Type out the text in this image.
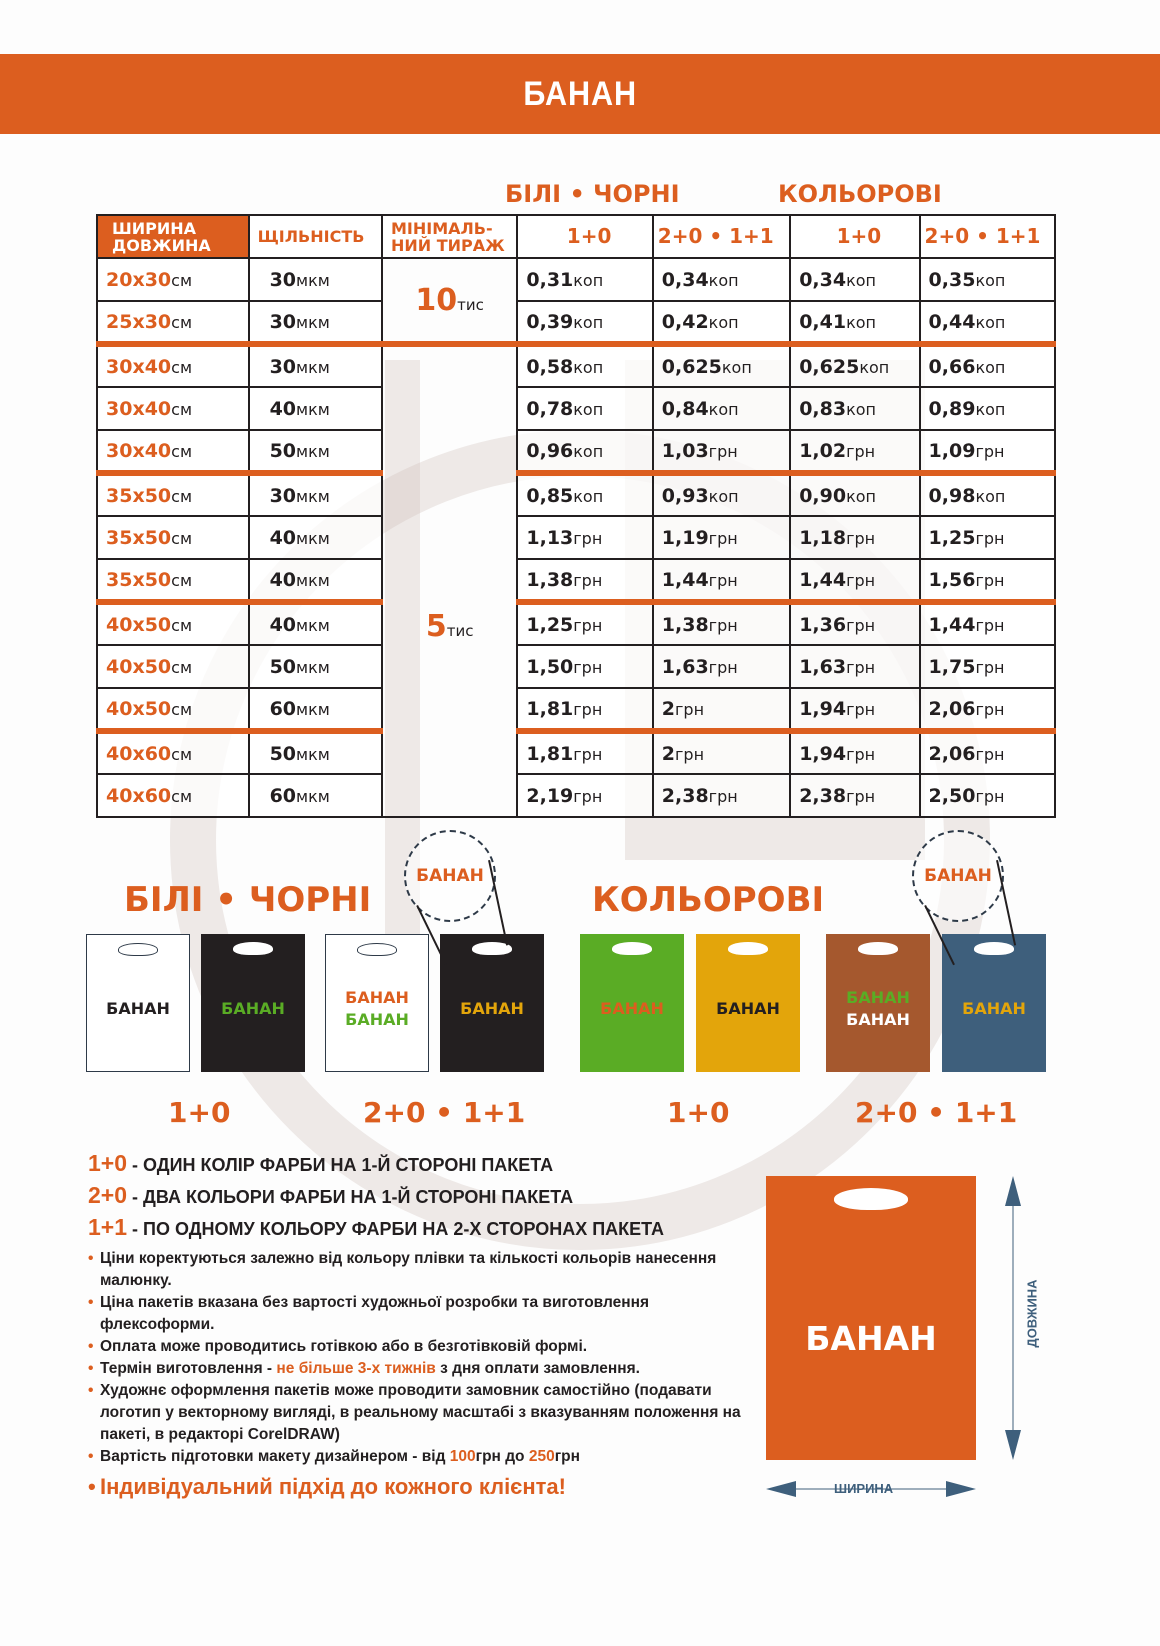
БАНАН
БІЛІ • ЧОРНІ	КОЛЬОРОВІ
ШИРИНА ДОВЖИНА	ЩІЛЬНІСТЬ	МІНІМАЛЬ-НИЙ ТИРАЖ	1+0	2+0 • 1+1	1+0	2+0 • 1+1
20x30см	30мкм	10тис	0,31коп	0,34коп	0,34коп	0,35коп
25x30см	30мкм		0,39коп	0,42коп	0,41коп	0,44коп
30x40см	30мкм	5тис	0,58коп	0,625коп	0,625коп	0,66коп
30x40см	40мкм		0,78коп	0,84коп	0,83коп	0,89коп
30x40см	50мкм		0,96коп	1,03грн	1,02грн	1,09грн
35x50см	30мкм		0,85коп	0,93коп	0,90коп	0,98коп
35x50см	40мкм		1,13грн	1,19грн	1,18грн	1,25грн
35x50см	40мкм		1,38грн	1,44грн	1,44грн	1,56грн
40x50см	40мкм		1,25грн	1,38грн	1,36грн	1,44грн
40x50см	50мкм		1,50грн	1,63грн	1,63грн	1,75грн
40x50см	60мкм		1,81грн	2грн	1,94грн	2,06грн
40x60см	50мкм		1,81грн	2грн	1,94грн	2,06грн
40x60см	60мкм		2,19грн	2,38грн	2,38грн	2,50грн
БІЛІ • ЧОРНІ	КОЛЬОРОВІ
БАНАН	БАНАН
БАНАН
БАНАН
БАНАН	БАНАН	БАНАН
БАНАН
БАНАН
БАНАН
БАНАН	БАНАН
1+0	2+0 • 1+1	1+0	2+0 • 1+1
1+0 - ОДИН КОЛІР ФАРБИ НА 1-Й СТОРОНІ ПАКЕТА
2+0 - ДВА КОЛЬОРИ ФАРБИ НА 1-Й СТОРОНІ ПАКЕТА
1+1 - ПО ОДНОМУ КОЛЬОРУ ФАРБИ НА 2-Х СТОРОНАХ ПАКЕТА
• Ціни коректуються залежно від кольору плівки та кількості кольорів нанесення малюнку.
• Ціна пакетів вказана без вартості художньої розробки та виготовлення флексоформи.
• Оплата може проводитись готівкою або в безготівковій формі.
• Термін виготовлення - не більше 3-х тижнів з дня оплати замовлення.
• Художнє оформлення пакетів може проводити замовник самостійно (подавати логотип у векторному вигляді, в реальному масштабі з вказуванням положення на пакеті, в редакторі CorelDRAW)
• Вартість підготовки макету дизайнером - від 100грн до 250грн
• Індивідуальний підхід до кожного клієнта!
БАНАН	ДОВЖИНА
ШИРИНА
